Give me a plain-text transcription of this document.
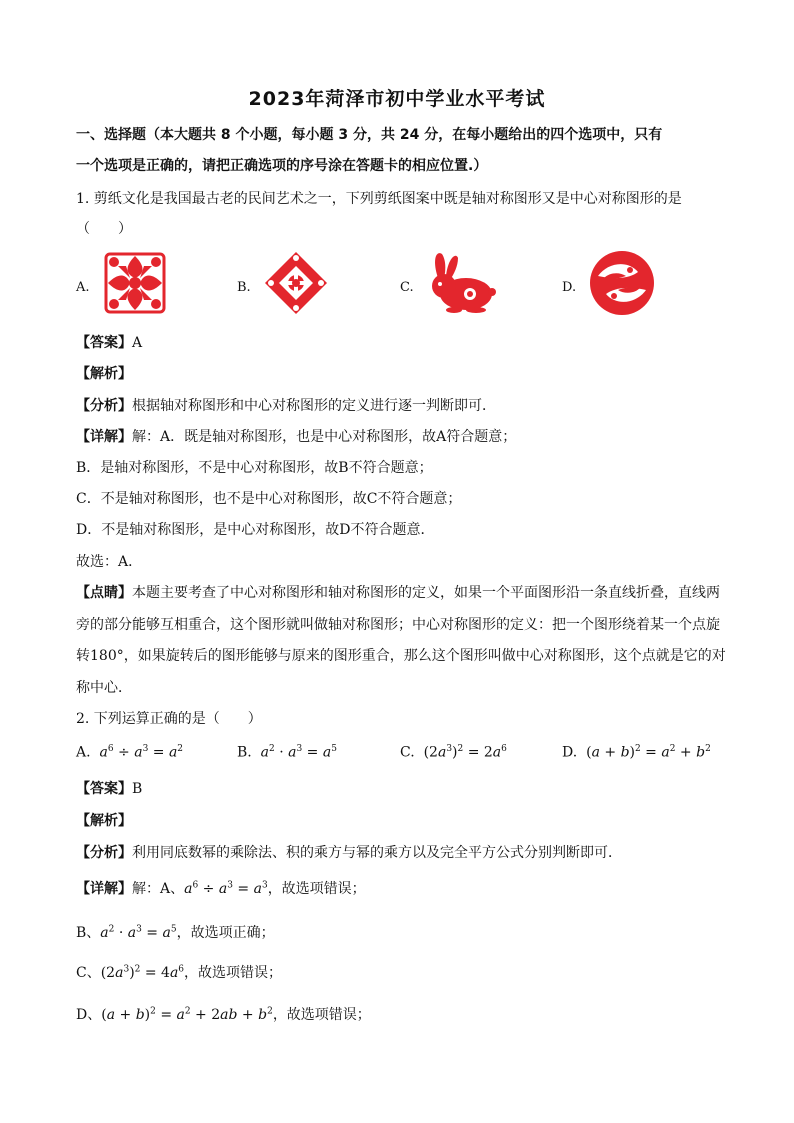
2023年菏泽市初中学业水平考试
一、选择题（本大题共 8 个小题，每小题 3 分，共 24 分，在每小题给出的四个选项中，只有
一个选项是正确的，请把正确选项的序号涂在答题卡的相应位置.）
1. 剪纸文化是我国最古老的民间艺术之一，下列剪纸图案中既是轴对称图形又是中心对称图形的是
（　　）
A.	B.	C.	D.
【答案】A
【解析】
【分析】根据轴对称图形和中心对称图形的定义进行逐一判断即可．
【详解】解：A．既是轴对称图形，也是中心对称图形，故A符合题意；
B．是轴对称图形，不是中心对称图形，故B不符合题意；
C．不是轴对称图形，也不是中心对称图形，故C不符合题意；
D．不是轴对称图形，是中心对称图形，故D不符合题意．
故选：A．
【点睛】本题主要考查了中心对称图形和轴对称图形的定义，如果一个平面图形沿一条直线折叠，直线两
旁的部分能够互相重合，这个图形就叫做轴对称图形；中心对称图形的定义：把一个图形绕着某一个点旋
转180°，如果旋转后的图形能够与原来的图形重合，那么这个图形叫做中心对称图形，这个点就是它的对
称中心．
2. 下列运算正确的是（　　）
A. $a^6 \div a^3 = a^2$	B. $a^2 \cdot a^3 = a^5$	C.  $(2a^3)^2 = 2a^6$	D.  $(a + b)^2 = a^2 + b^2$
【答案】B
【解析】
【分析】利用同底数幂的乘除法、积的乘方与幂的乘方以及完全平方公式分别判断即可．
【详解】解：A、$a^6 \div a^3 = a^3$，故选项错误；
B、$a^2 \cdot a^3 = a^5$，故选项正确；
C、$(2a^3)^2 = 4a^6$，故选项错误；
D、$(a + b)^2 = a^2 + 2ab + b^2$，故选项错误；
